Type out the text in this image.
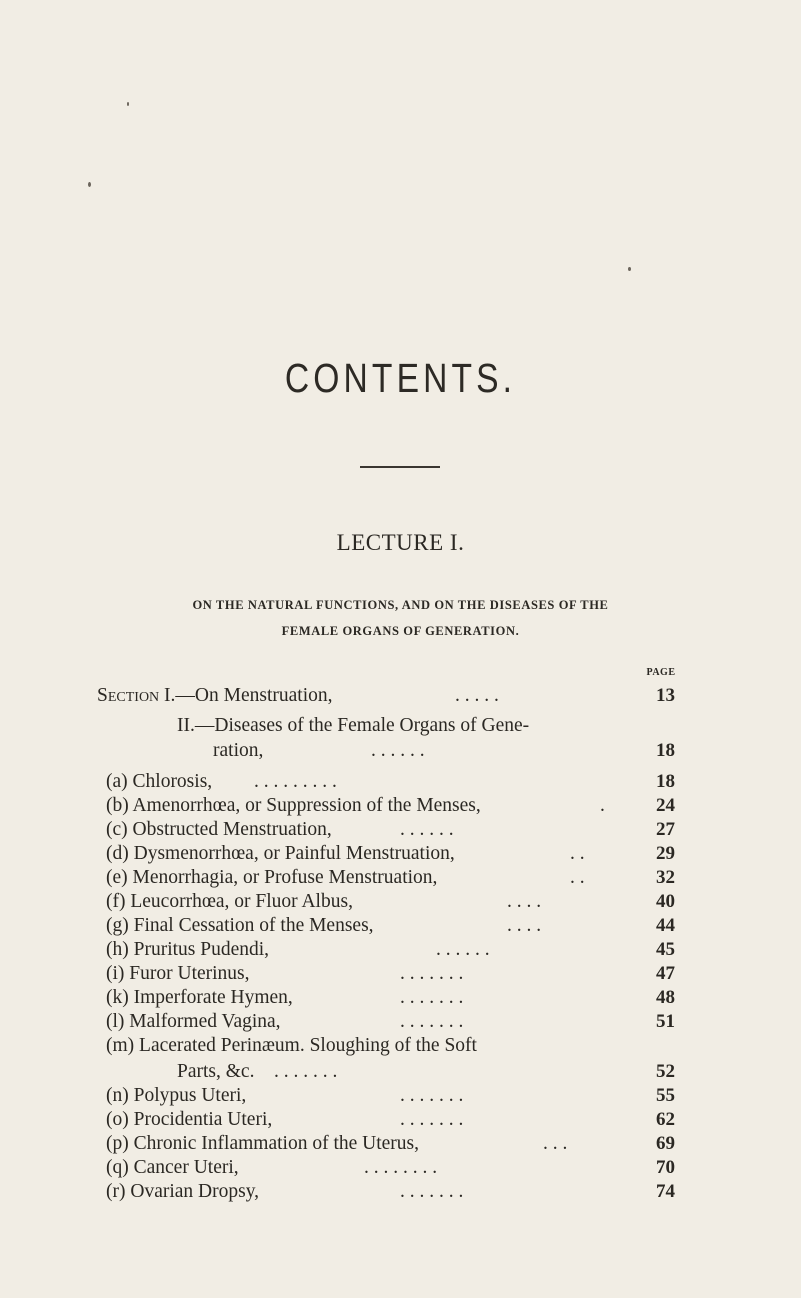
CONTENTS.
LECTURE I.
ON THE NATURAL FUNCTIONS, AND ON THE DISEASES OF THE
FEMALE ORGANS OF GENERATION.
PAGE
Section I.—On Menstruation,	. . . . .	13
II.—Diseases of the Female Organs of Gene-
ration,	. . . . . .	18
(a) Chlorosis, . . . . . . . . .	18
(b) Amenorrhœa, or Suppression of the Menses,	.	24
(c) Obstructed Menstruation,	. . . . . .	27
(d) Dysmenorrhœa, or Painful Menstruation,	. .	29
(e) Menorrhagia, or Profuse Menstruation,	. .	32
(f) Leucorrhœa, or Fluor Albus,	. . . .	40
(g) Final Cessation of the Menses,	. . . .	44
(h) Pruritus Pudendi,	. . . . . .	45
(i) Furor Uterinus,	. . . . . . .	47
(k) Imperforate Hymen,	. . . . . . .	48
(l) Malformed Vagina,	. . . . . . .	51
(m) Lacerated Perinæum. Sloughing of the Soft
Parts, &c. . . . . . . .	52
(n) Polypus Uteri,	. . . . . . .	55
(o) Procidentia Uteri,	. . . . . . .	62
(p) Chronic Inflammation of the Uterus,	. . .	69
(q) Cancer Uteri,	. . . . . . . .	70
(r) Ovarian Dropsy,	. . . . . . .	74
